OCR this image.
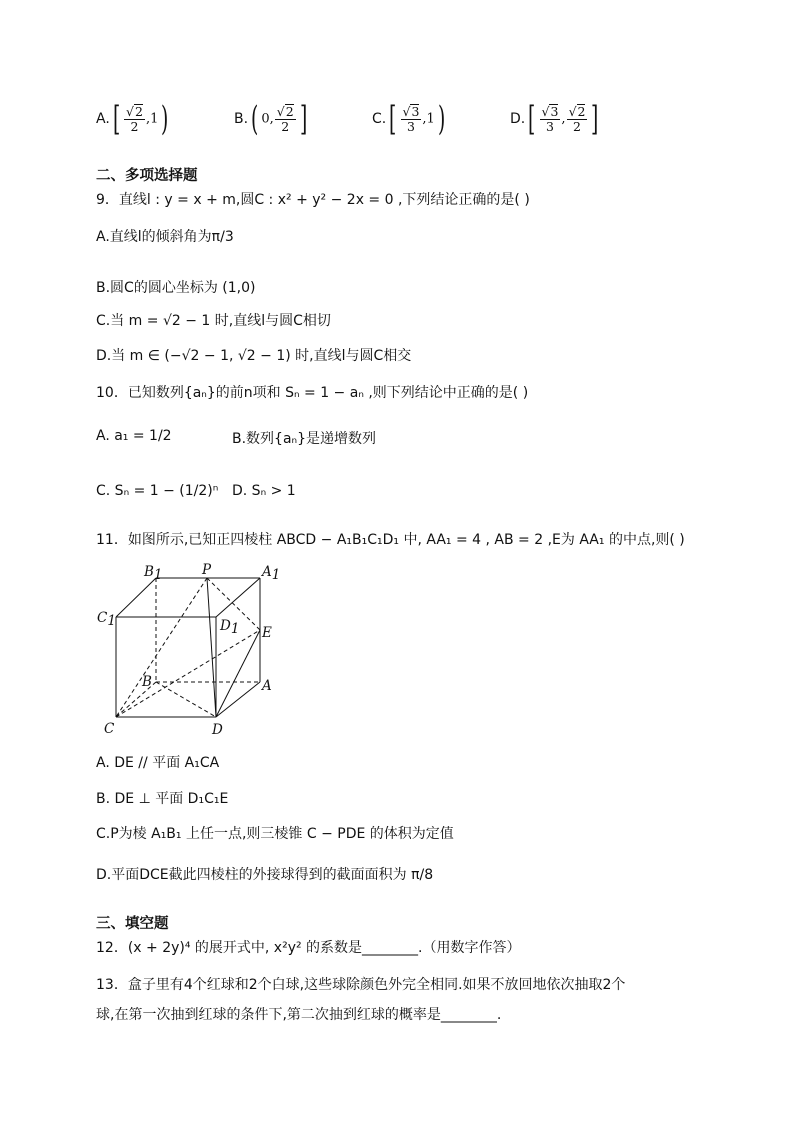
$A.[ \frac{√2}{2} ,1)$	B.( 0, $\frac{√2}{2}$ ]	$C.[ \frac{√3}{3} ,1)$	$D.[ \frac{√3}{3}$ , $\frac{√2}{2}$ ]
二、多项选择题
9．直线l : y = x + m,圆C : x² + y² − 2x = 0 ,下列结论正确的是( )
A.直线l的倾斜角为π/3
B.圆C的圆心坐标为 (1,0)
C.当 m = √2 − 1 时,直线l与圆C相切
D.当 m ∈ (−√2 − 1, √2 − 1) 时,直线l与圆C相交
10．已知数列{aₙ}的前n项和 Sₙ = 1 − aₙ ,则下列结论中正确的是( )
A. a₁ = 1/2	B.数列{aₙ}是递增数列
C. Sₙ = 1 − (1/2)ⁿ D. Sₙ > 1
11．如图所示,已知正四棱柱 ABCD − A₁B₁C₁D₁ 中, AA₁ = 4 , AB = 2 ,E为 AA₁ 的中点,则( )
B1	P	A1
C1	D1 E
B	A
C	D
A. DE // 平面 A₁CA
B. DE ⊥ 平面 D₁C₁E
C.P为棱 A₁B₁ 上任一点,则三棱锥 C − PDE 的体积为定值
D.平面DCE截此四棱柱的外接球得到的截面面积为 π/8
三、填空题
12．(x + 2y)⁴ 的展开式中, x²y² 的系数是________.（用数字作答）
13．盒子里有4个红球和2个白球,这些球除颜色外完全相同.如果不放回地依次抽取2个
球,在第一次抽到红球的条件下,第二次抽到红球的概率是________.
